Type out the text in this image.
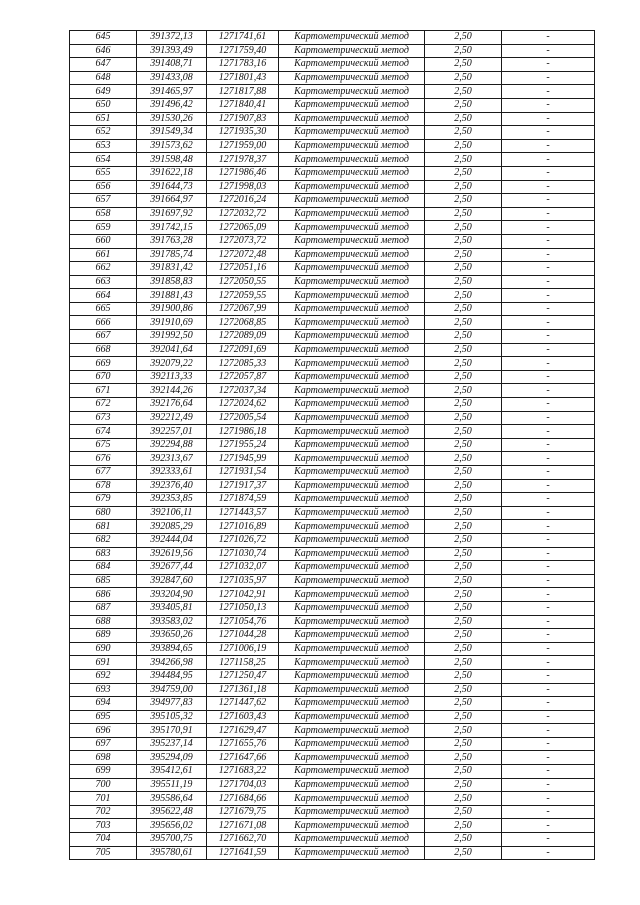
645	391372,13	1271741,61	Картометрический метод	2,50	-
646	391393,49	1271759,40	Картометрический метод	2,50	-
647	391408,71	1271783,16	Картометрический метод	2,50	-
648	391433,08	1271801,43	Картометрический метод	2,50	-
649	391465,97	1271817,88	Картометрический метод	2,50	-
650	391496,42	1271840,41	Картометрический метод	2,50	-
651	391530,26	1271907,83	Картометрический метод	2,50	-
652	391549,34	1271935,30	Картометрический метод	2,50	-
653	391573,62	1271959,00	Картометрический метод	2,50	-
654	391598,48	1271978,37	Картометрический метод	2,50	-
655	391622,18	1271986,46	Картометрический метод	2,50	-
656	391644,73	1271998,03	Картометрический метод	2,50	-
657	391664,97	1272016,24	Картометрический метод	2,50	-
658	391697,92	1272032,72	Картометрический метод	2,50	-
659	391742,15	1272065,09	Картометрический метод	2,50	-
660	391763,28	1272073,72	Картометрический метод	2,50	-
661	391785,74	1272072,48	Картометрический метод	2,50	-
662	391831,42	1272051,16	Картометрический метод	2,50	-
663	391858,83	1272050,55	Картометрический метод	2,50	-
664	391881,43	1272059,55	Картометрический метод	2,50	-
665	391900,86	1272067,99	Картометрический метод	2,50	-
666	391910,69	1272068,85	Картометрический метод	2,50	-
667	391992,50	1272089,09	Картометрический метод	2,50	-
668	392041,64	1272091,69	Картометрический метод	2,50	-
669	392079,22	1272085,33	Картометрический метод	2,50	-
670	392113,33	1272057,87	Картометрический метод	2,50	-
671	392144,26	1272037,34	Картометрический метод	2,50	-
672	392176,64	1272024,62	Картометрический метод	2,50	-
673	392212,49	1272005,54	Картометрический метод	2,50	-
674	392257,01	1271986,18	Картометрический метод	2,50	-
675	392294,88	1271955,24	Картометрический метод	2,50	-
676	392313,67	1271945,99	Картометрический метод	2,50	-
677	392333,61	1271931,54	Картометрический метод	2,50	-
678	392376,40	1271917,37	Картометрический метод	2,50	-
679	392353,85	1271874,59	Картометрический метод	2,50	-
680	392106,11	1271443,57	Картометрический метод	2,50	-
681	392085,29	1271016,89	Картометрический метод	2,50	-
682	392444,04	1271026,72	Картометрический метод	2,50	-
683	392619,56	1271030,74	Картометрический метод	2,50	-
684	392677,44	1271032,07	Картометрический метод	2,50	-
685	392847,60	1271035,97	Картометрический метод	2,50	-
686	393204,90	1271042,91	Картометрический метод	2,50	-
687	393405,81	1271050,13	Картометрический метод	2,50	-
688	393583,02	1271054,76	Картометрический метод	2,50	-
689	393650,26	1271044,28	Картометрический метод	2,50	-
690	393894,65	1271006,19	Картометрический метод	2,50	-
691	394266,98	1271158,25	Картометрический метод	2,50	-
692	394484,95	1271250,47	Картометрический метод	2,50	-
693	394759,00	1271361,18	Картометрический метод	2,50	-
694	394977,83	1271447,62	Картометрический метод	2,50	-
695	395105,32	1271603,43	Картометрический метод	2,50	-
696	395170,91	1271629,47	Картометрический метод	2,50	-
697	395237,14	1271655,76	Картометрический метод	2,50	-
698	395294,09	1271647,66	Картометрический метод	2,50	-
699	395412,61	1271683,22	Картометрический метод	2,50	-
700	395511,19	1271704,03	Картометрический метод	2,50	-
701	395586,64	1271684,66	Картометрический метод	2,50	-
702	395622,48	1271679,75	Картометрический метод	2,50	-
703	395656,02	1271671,08	Картометрический метод	2,50	-
704	395700,75	1271662,70	Картометрический метод	2,50	-
705	395780,61	1271641,59	Картометрический метод	2,50	-
